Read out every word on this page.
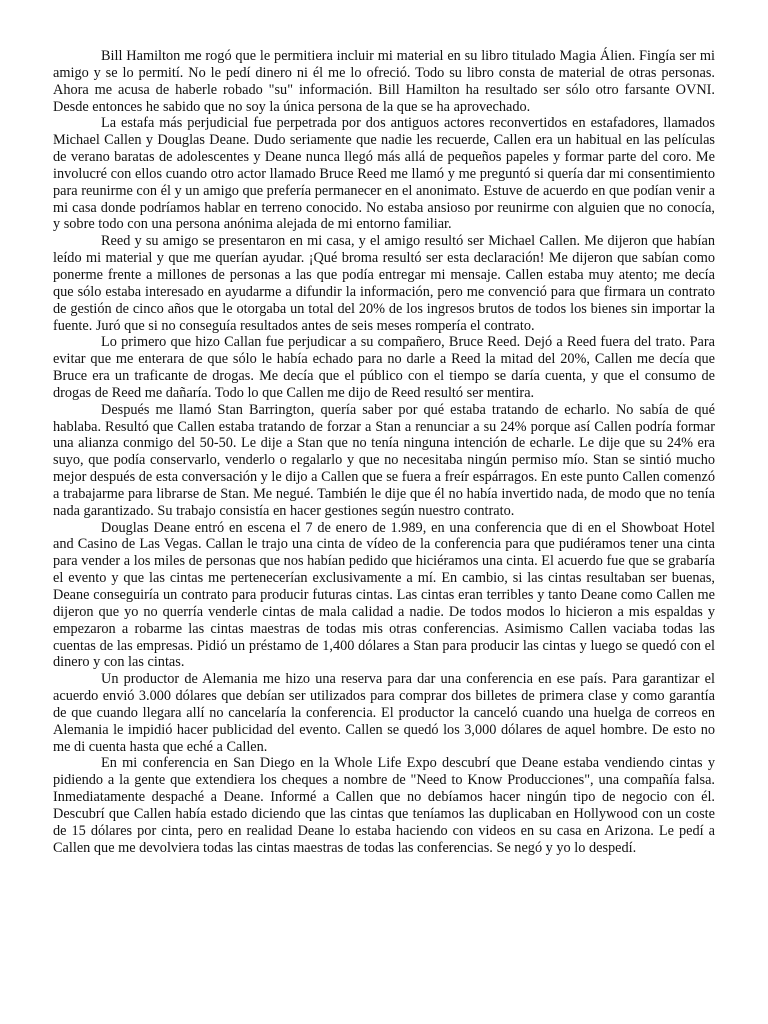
Bill Hamilton me rogó que le permitiera incluir mi material en su libro titulado Magia Álien. Fingía ser mi amigo y se lo permití. No le pedí dinero ni él me lo ofreció. Todo su libro consta de material de otras personas. Ahora me acusa de haberle robado "su" información. Bill Hamilton ha resultado ser sólo otro farsante OVNI. Desde entonces he sabido que no soy la única persona de la que se ha aprovechado.

La estafa más perjudicial fue perpetrada por dos antiguos actores reconvertidos en estafadores, llamados Michael Callen y Douglas Deane. Dudo seriamente que nadie les recuerde, Callen era un habitual en las películas de verano baratas de adolescentes y Deane nunca llegó más allá de pequeños papeles y formar parte del coro. Me involucré con ellos cuando otro actor llamado Bruce Reed me llamó y me preguntó si quería dar mi consentimiento para reunirme con él y un amigo que prefería permanecer en el anonimato. Estuve de acuerdo en que podían venir a mi casa donde podríamos hablar en terreno conocido. No estaba ansioso por reunirme con alguien que no conocía, y sobre todo con una persona anónima alejada de mi entorno familiar.

Reed y su amigo se presentaron en mi casa, y el amigo resultó ser Michael Callen. Me dijeron que habían leído mi material y que me querían ayudar. ¡Qué broma resultó ser esta declaración! Me dijeron que sabían como ponerme frente a millones de personas a las que podía entregar mi mensaje. Callen estaba muy atento; me decía que sólo estaba interesado en ayudarme a difundir la información, pero me convenció para que firmara un contrato de gestión de cinco años que le otorgaba un total del 20% de los ingresos brutos de todos los bienes sin importar la fuente. Juró que si no conseguía resultados antes de seis meses rompería el contrato.

Lo primero que hizo Callan fue perjudicar a su compañero, Bruce Reed. Dejó a Reed fuera del trato. Para evitar que me enterara de que sólo le había echado para no darle a Reed la mitad del 20%, Callen me decía que Bruce era un traficante de drogas. Me decía que el público con el tiempo se daría cuenta, y que el consumo de drogas de Reed me dañaría. Todo lo que Callen me dijo de Reed resultó ser mentira.

Después me llamó Stan Barrington, quería saber por qué estaba tratando de echarlo. No sabía de qué hablaba. Resultó que Callen estaba tratando de forzar a Stan a renunciar a su 24% porque así Callen podría formar una alianza conmigo del 50-50. Le dije a Stan que no tenía ninguna intención de echarle. Le dije que su 24% era suyo, que podía conservarlo, venderlo o regalarlo y que no necesitaba ningún permiso mío. Stan se sintió mucho mejor después de esta conversación y le dijo a Callen que se fuera a freír espárragos. En este punto Callen comenzó a trabajarme para librarse de Stan. Me negué. También le dije que él no había invertido nada, de modo que no tenía nada garantizado. Su trabajo consistía en hacer gestiones según nuestro contrato.

Douglas Deane entró en escena el 7 de enero de 1.989, en una conferencia que di en el Showboat Hotel and Casino de Las Vegas. Callan le trajo una cinta de vídeo de la conferencia para que pudiéramos tener una cinta para vender a los miles de personas que nos habían pedido que hiciéramos una cinta. El acuerdo fue que se grabaría el evento y que las cintas me pertenecerían exclusivamente a mí. En cambio, si las cintas resultaban ser buenas, Deane conseguiría un contrato para producir futuras cintas. Las cintas eran terribles y tanto Deane como Callen me dijeron que yo no querría venderle cintas de mala calidad a nadie. De todos modos lo hicieron a mis espaldas y empezaron a robarme las cintas maestras de todas mis otras conferencias. Asimismo Callen vaciaba todas las cuentas de las empresas. Pidió un préstamo de 1,400 dólares a Stan para producir las cintas y luego se quedó con el dinero y con las cintas.

Un productor de Alemania me hizo una reserva para dar una conferencia en ese país. Para garantizar el acuerdo envió 3.000 dólares que debían ser utilizados para comprar dos billetes de primera clase y como garantía de que cuando llegara allí no cancelaría la conferencia. El productor la canceló cuando una huelga de correos en Alemania le impidió hacer publicidad del evento. Callen se quedó los 3,000 dólares de aquel hombre. De esto no me di cuenta hasta que eché a Callen.

En mi conferencia en San Diego en la Whole Life Expo descubrí que Deane estaba vendiendo cintas y pidiendo a la gente que extendiera los cheques a nombre de "Need to Know Producciones", una compañía falsa. Inmediatamente despaché a Deane. Informé a Callen que no debíamos hacer ningún tipo de negocio con él. Descubrí que Callen había estado diciendo que las cintas que teníamos las duplicaban en Hollywood con un coste de 15 dólares por cinta, pero en realidad Deane lo estaba haciendo con videos en su casa en Arizona. Le pedí a Callen que me devolviera todas las cintas maestras de todas las conferencias. Se negó y yo lo despedí.
